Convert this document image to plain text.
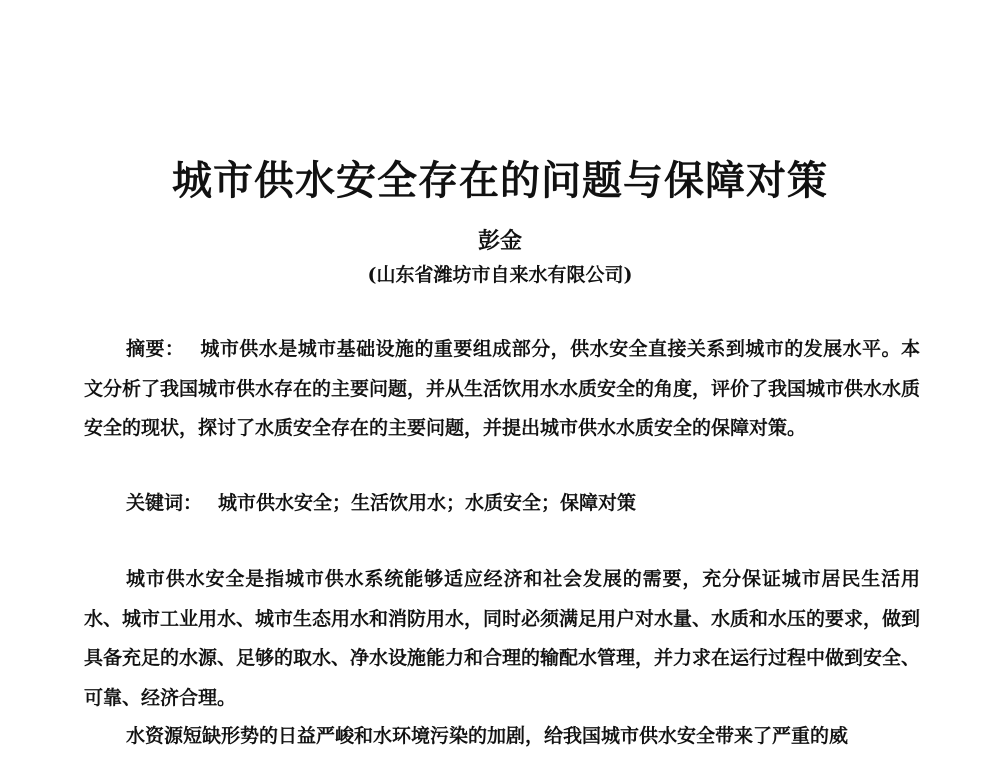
城市供水安全存在的问题与保障对策
彭金
(山东省潍坊市自来水有限公司)
摘要： 城市供水是城市基础设施的重要组成部分，供水安全直接关系到城市的发展水平。本文分析了我国城市供水存在的主要问题，并从生活饮用水水质安全的角度，评价了我国城市供水水质安全的现状，探讨了水质安全存在的主要问题，并提出城市供水水质安全的保障对策。
关键词： 城市供水安全；生活饮用水；水质安全；保障对策
城市供水安全是指城市供水系统能够适应经济和社会发展的需要，充分保证城市居民生活用水、城市工业用水、城市生态用水和消防用水，同时必须满足用户对水量、水质和水压的要求，做到具备充足的水源、足够的取水、净水设施能力和合理的输配水管理，并力求在运行过程中做到安全、可靠、经济合理。
水资源短缺形势的日益严峻和水环境污染的加剧，给我国城市供水安全带来了严重的威
